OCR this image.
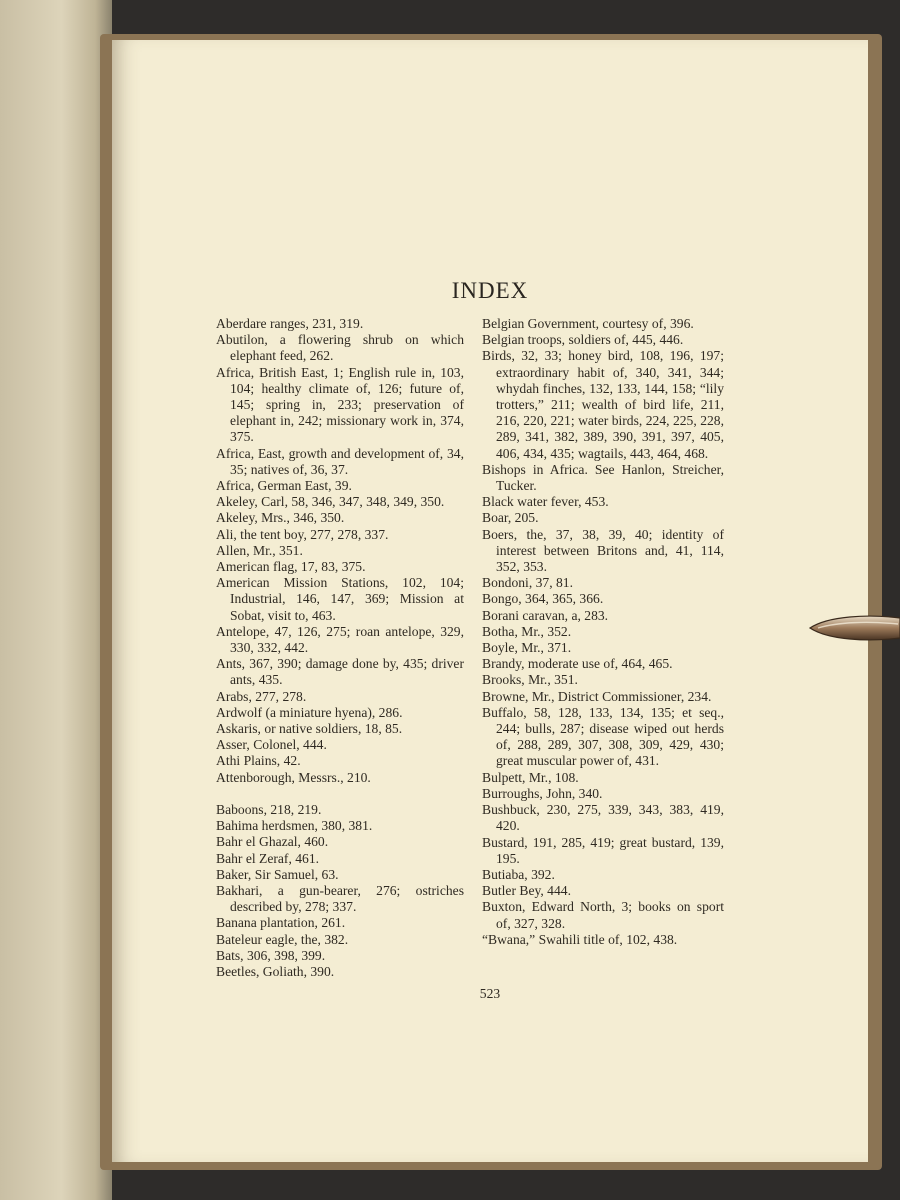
INDEX
Aberdare ranges, 231, 319.
Abutilon, a flowering shrub on which elephant feed, 262.
Africa, British East, 1; English rule in, 103, 104; healthy climate of, 126; future of, 145; spring in, 233; preservation of elephant in, 242; missionary work in, 374, 375.
Africa, East, growth and development of, 34, 35; natives of, 36, 37.
Africa, German East, 39.
Akeley, Carl, 58, 346, 347, 348, 349, 350.
Akeley, Mrs., 346, 350.
Ali, the tent boy, 277, 278, 337.
Allen, Mr., 351.
American flag, 17, 83, 375.
American Mission Stations, 102, 104; Industrial, 146, 147, 369; Mission at Sobat, visit to, 463.
Antelope, 47, 126, 275; roan antelope, 329, 330, 332, 442.
Ants, 367, 390; damage done by, 435; driver ants, 435.
Arabs, 277, 278.
Ardwolf (a miniature hyena), 286.
Askaris, or native soldiers, 18, 85.
Asser, Colonel, 444.
Athi Plains, 42.
Attenborough, Messrs., 210.
Baboons, 218, 219.
Bahima herdsmen, 380, 381.
Bahr el Ghazal, 460.
Bahr el Zeraf, 461.
Baker, Sir Samuel, 63.
Bakhari, a gun-bearer, 276; ostriches described by, 278; 337.
Banana plantation, 261.
Bateleur eagle, the, 382.
Bats, 306, 398, 399.
Beetles, Goliath, 390.
Belgian Government, courtesy of, 396.
Belgian troops, soldiers of, 445, 446.
Birds, 32, 33; honey bird, 108, 196, 197; extraordinary habit of, 340, 341, 344; whydah finches, 132, 133, 144, 158; “lily trotters,” 211; wealth of bird life, 211, 216, 220, 221; water birds, 224, 225, 228, 289, 341, 382, 389, 390, 391, 397, 405, 406, 434, 435; wagtails, 443, 464, 468.
Bishops in Africa. See Hanlon, Streicher, Tucker.
Black water fever, 453.
Boar, 205.
Boers, the, 37, 38, 39, 40; identity of interest between Britons and, 41, 114, 352, 353.
Bondoni, 37, 81.
Bongo, 364, 365, 366.
Borani caravan, a, 283.
Botha, Mr., 352.
Boyle, Mr., 371.
Brandy, moderate use of, 464, 465.
Brooks, Mr., 351.
Browne, Mr., District Commissioner, 234.
Buffalo, 58, 128, 133, 134, 135; et seq., 244; bulls, 287; disease wiped out herds of, 288, 289, 307, 308, 309, 429, 430; great muscular power of, 431.
Bulpett, Mr., 108.
Burroughs, John, 340.
Bushbuck, 230, 275, 339, 343, 383, 419, 420.
Bustard, 191, 285, 419; great bustard, 139, 195.
Butiaba, 392.
Butler Bey, 444.
Buxton, Edward North, 3; books on sport of, 327, 328.
“Bwana,” Swahili title of, 102, 438.
523
